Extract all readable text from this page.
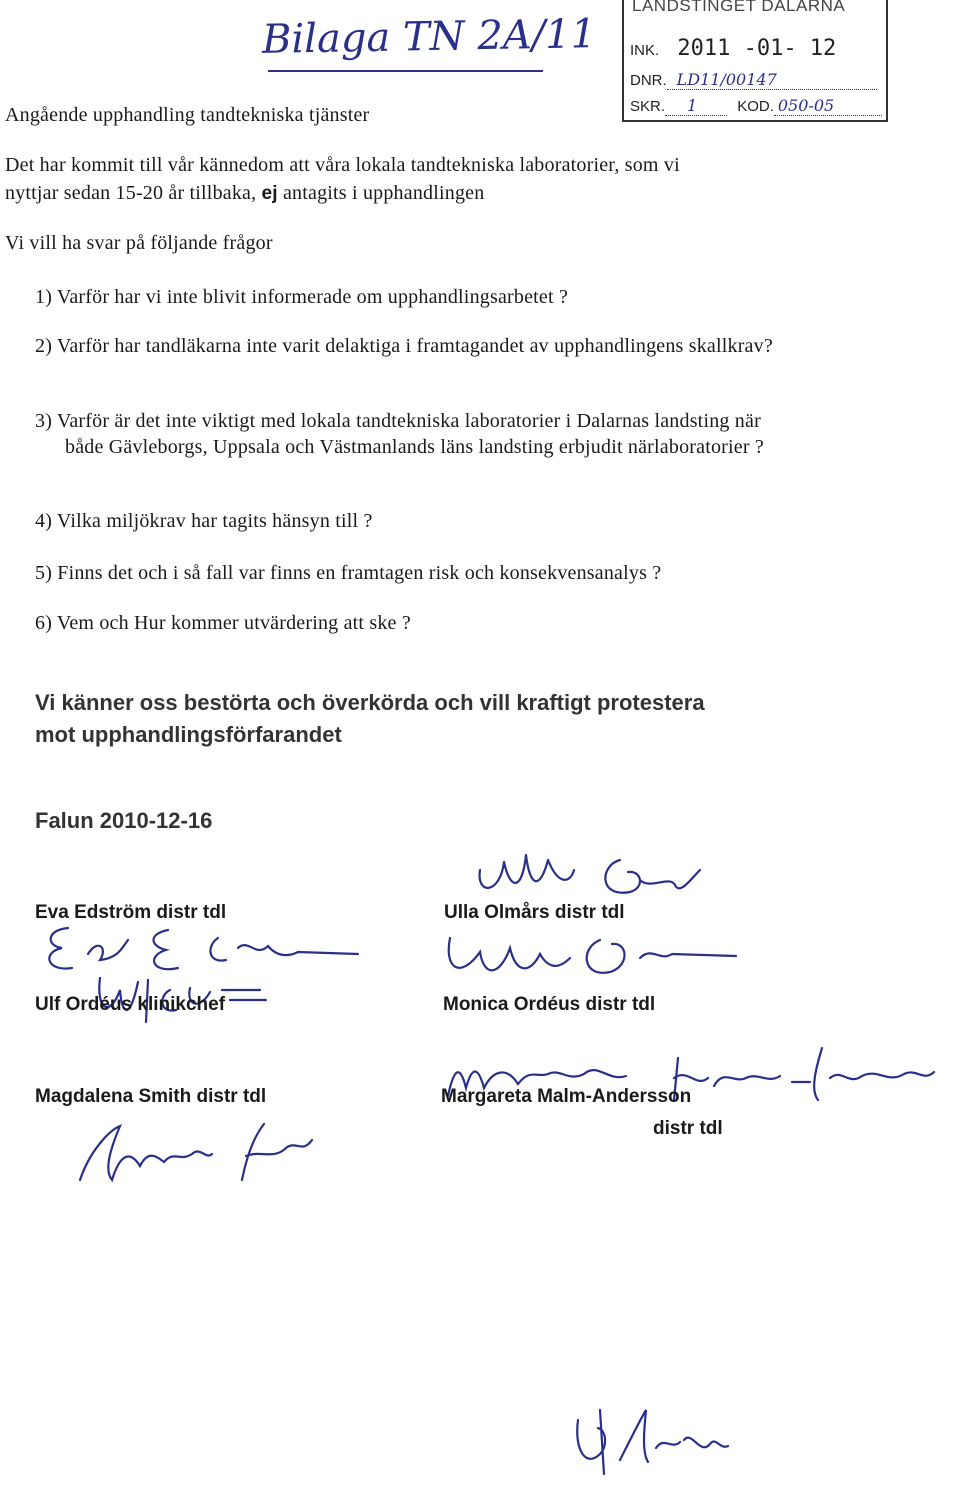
Bilaga TN 2A/11
LANDSTINGET DALARNA
INK. 2011 -01- 12
DNR. LD11/00147
SKR. 1	KOD. 050-05
Angående upphandling tandtekniska tjänster
Det har kommit till vår kännedom att våra lokala tandtekniska laboratorier, som vi
nyttjar sedan 15-20 år tillbaka, ej antagits i upphandlingen
Vi vill ha svar på följande frågor
1) Varför har vi inte blivit informerade om upphandlingsarbetet ?
2) Varför har tandläkarna inte varit delaktiga i framtagandet av upphandlingens skallkrav?
3) Varför är det inte viktigt med lokala tandtekniska laboratorier i Dalarnas landsting när både Gävleborgs, Uppsala och Västmanlands läns landsting erbjudit närlaboratorier ?
4) Vilka miljökrav har tagits hänsyn till ?
5) Finns det och i så fall var finns en framtagen risk och konsekvensanalys ?
6) Vem och Hur kommer utvärdering att ske ?
Vi känner oss bestörta och överkörda och vill kraftigt protestera
mot upphandlingsförfarandet
Falun 2010-12-16
Eva Edström distr tdl	Ulla Olmårs distr tdl
Ulf Ordéus klinikchef	Monica Ordéus distr tdl
Magdalena Smith distr tdl	Margareta Malm-Andersson
distr tdl
